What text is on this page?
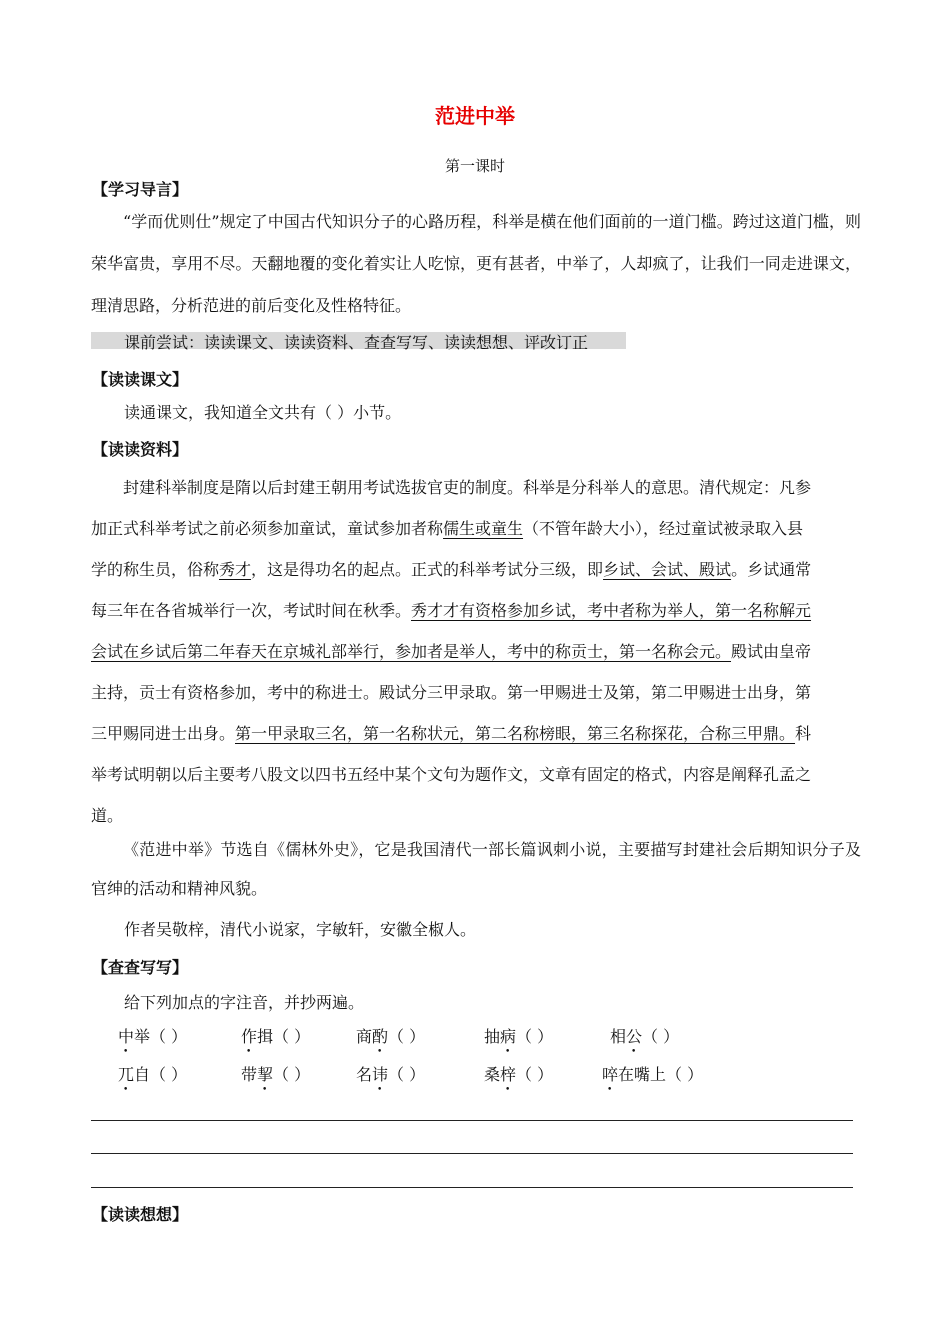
范进中举
第一课时
【学习导言】
“学而优则仕”规定了中国古代知识分子的心路历程，科举是横在他们面前的一道门槛。跨过这道门槛，则荣华富贵，享用不尽。天翻地覆的变化着实让人吃惊，更有甚者，中举了，人却疯了，让我们一同走进课文，理清思路，分析范进的前后变化及性格特征。
课前尝试：读读课文、读读资料、查查写写、读读想想、评改订正
【读读课文】
读通课文，我知道全文共有（ ）小节。
【读读资料】
　　封建科举制度是隋以后封建王朝用考试选拔官吏的制度。科举是分科举人的意思。清代规定：凡参
加正式科举考试之前必须参加童试，童试参加者称儒生或童生（不管年龄大小），经过童试被录取入县
学的称生员，俗称秀才，这是得功名的起点。正式的科举考试分三级，即乡试、会试、殿试。乡试通常
每三年在各省城举行一次，考试时间在秋季。秀才才有资格参加乡试，考中者称为举人，第一名称解元
会试在乡试后第二年春天在京城礼部举行，参加者是举人，考中的称贡士，第一名称会元。殿试由皇帝
主持，贡士有资格参加，考中的称进士。殿试分三甲录取。第一甲赐进士及第，第二甲赐进士出身，第
三甲赐同进士出身。第一甲录取三名，第一名称状元，第二名称榜眼，第三名称探花，合称三甲鼎。科
举考试明朝以后主要考八股文以四书五经中某个文句为题作文，文章有固定的格式，内容是阐释孔孟之
道。
《范进中举》节选自《儒林外史》，它是我国清代一部长篇讽刺小说，主要描写封建社会后期知识分子及官绅的活动和精神风貌。
作者吴敬梓，清代小说家，字敏轩，安徽全椒人。
【查查写写】
给下列加点的字注音，并抄两遍。
中举（ ）	作揖（ ）	商酌（ ）	抽病（ ）	相公（ ）
兀自（ ）	带挈（ ）	名讳（ ）	桑梓（ ）	啐在嘴上（ ）
【读读想想】
